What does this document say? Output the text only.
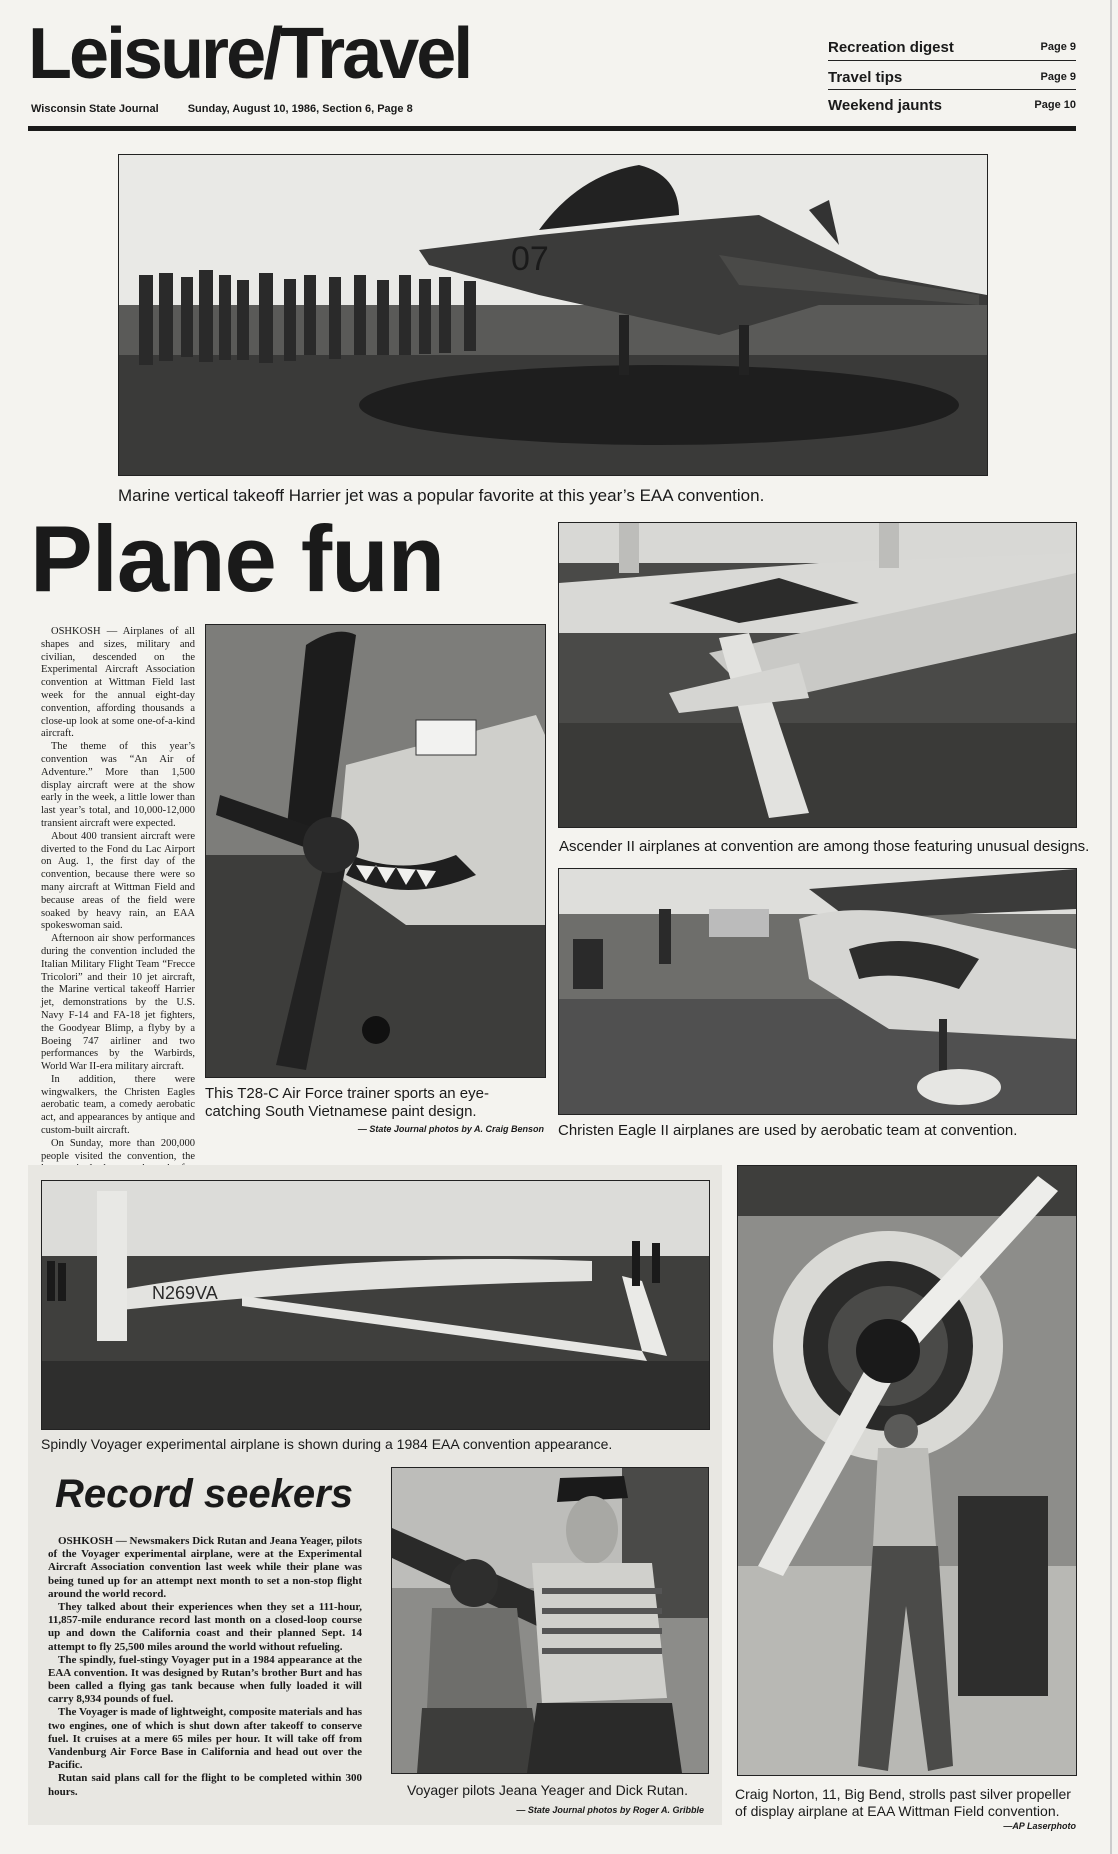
Leisure/Travel
Wisconsin State Journal	Sunday, August 10, 1986, Section 6, Page 8
Recreation digest	Page 9
Travel tips	Page 9
Weekend jaunts	Page 10
07
Marine vertical takeoff Harrier jet was a popular favorite at this year’s EAA convention.
Plane fun

OSHKOSH — Airplanes of all shapes and sizes, military and civilian, descended on the Experimental Aircraft Association convention at Wittman Field last week for the annual eight-day convention, affording thousands a close-up look at some one-of-a-kind aircraft.

The theme of this year’s convention was “An Air of Adventure.” More than 1,500 display aircraft were at the show early in the week, a little lower than last year’s total, and 10,000-12,000 transient aircraft were expected.

About 400 transient aircraft were diverted to the Fond du Lac Airport on Aug. 1, the first day of the convention, because there were so many aircraft at Wittman Field and because areas of the field were soaked by heavy rain, an EAA spokeswoman said.

Afternoon air show performances during the convention included the Italian Military Flight Team “Frecce Tricolori” and their 10 jet aircraft, the Marine vertical takeoff Harrier jet, demonstrations by the U.S. Navy F-14 and FA-18 jet fighters, the Goodyear Blimp, a flyby by a Boeing 747 airliner and two performances by the Warbirds, World War II-era military aircraft.

In addition, there were wingwalkers, the Christen Eagles aerobatic team, a comedy aerobatic act, and appearances by antique and custom-built aircraft.

On Sunday, more than 200,000 people visited the convention, the

This T28-C Air Force trainer sports an eye-catching South Vietnamese paint design.
— State Journal photos by A. Craig Benson
Ascender II airplanes at convention are among those featuring unusual designs.
Christen Eagle II airplanes are used by aerobatic team at convention.
N269VA
Spindly Voyager experimental airplane is shown during a 1984 EAA convention appearance.
Record seekers

OSHKOSH — Newsmakers Dick Rutan and Jeana Yeager, pilots of the Voyager experimental airplane, were at the Experimental Aircraft Association convention last week while their plane was being tuned up for an attempt next month to set a non-stop flight around the world record.

They talked about their experiences when they set a 111-hour, 11,857-mile endurance record last month on a closed-loop course up and down the California coast and their planned Sept. 14 attempt to fly 25,500 miles around the world without refueling.

The spindly, fuel-stingy Voyager put in a 1984 appearance at the EAA convention. It was designed by Rutan’s brother Burt and has been called a flying gas tank because when fully loaded it will carry 8,934 pounds of fuel.

The Voyager is made of lightweight, composite materials and has two engines, one of which is shut down after takeoff to conserve fuel. It cruises at a mere 65 miles per hour. It will take off from Vandenburg Air Force Base in California and head out over the Pacific.

Rutan said plans call for the flight to be completed within 300 hours.	Voyager pilots Jeana Yeager and Dick Rutan.
— State Journal photos by Roger A. Gribble
Craig Norton, 11, Big Bend, strolls past silver propeller of display airplane at EAA Wittman Field convention.
—AP Laserphoto
